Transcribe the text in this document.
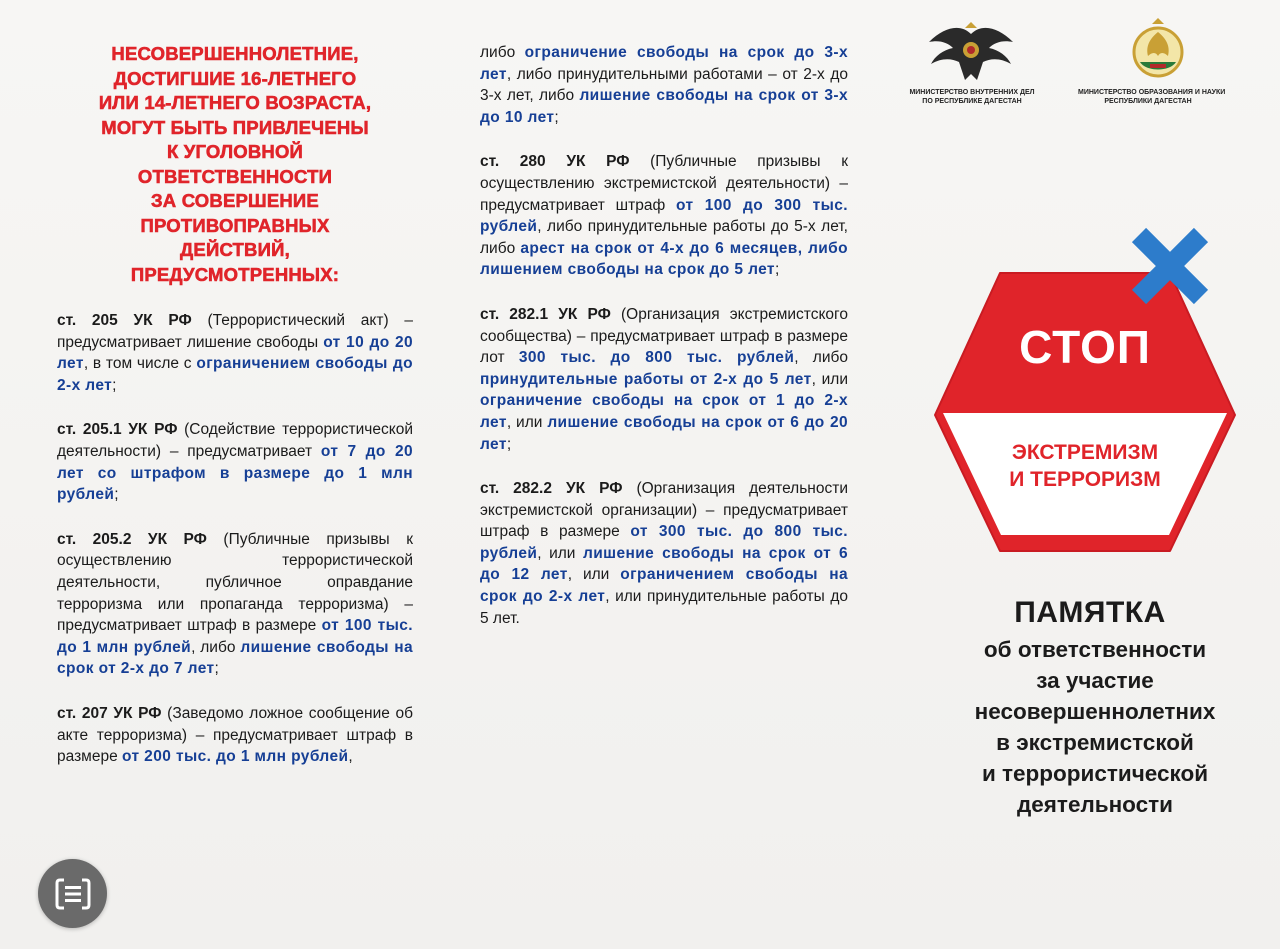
НЕСОВЕРШЕННОЛЕТНИЕ,
ДОСТИГШИЕ 16-ЛЕТНЕГО
ИЛИ 14-ЛЕТНЕГО ВОЗРАСТА,
МОГУТ БЫТЬ ПРИВЛЕЧЕНЫ
К УГОЛОВНОЙ
ОТВЕТСТВЕННОСТИ
ЗА СОВЕРШЕНИЕ
ПРОТИВОПРАВНЫХ
ДЕЙСТВИЙ,
ПРЕДУСМОТРЕННЫХ:

ст. 205 УК РФ (Террористический акт) – предусматривает лишение свободы от 10 до 20 лет, в том числе с ограничением свободы до 2-х лет;

ст. 205.1 УК РФ (Содействие террористической деятельности) – предусматривает от 7 до 20 лет со штрафом в размере до 1 млн рублей;

ст. 205.2 УК РФ (Публичные призывы к осуществлению террористической деятельности, публичное оправдание терроризма или пропаганда терроризма) – предусматривает штраф в размере от 100 тыс. до 1 млн рублей, либо лишение свободы на срок от 2-х до 7 лет;

ст. 207 УК РФ (Заведомо ложное сообщение об акте терроризма) – предусматривает штраф в размере от 200 тыс. до 1 млн рублей,

либо ограничение свободы на срок до 3-х лет, либо принудительными работами – от 2-х до 3-х лет, либо лишение свободы на срок от 3-х до 10 лет;

ст. 280 УК РФ (Публичные призывы к осуществлению экстремистской деятельности) – предусматривает штраф от 100 до 300 тыс. рублей, либо принудительные работы до 5-х лет, либо арест на срок от 4-х до 6 месяцев, либо лишением свободы на срок до 5 лет;

ст. 282.1 УК РФ (Организация экстремистского сообщества) – предусматривает штраф в размере лот 300 тыс. до 800 тыс. рублей, либо принудительные работы от 2-х до 5 лет, или ограничение свободы на срок от 1 до 2-х лет, или лишение свободы на срок от 6 до 20 лет;

ст. 282.2 УК РФ (Организация деятельности экстремистской организации) – предусматривает штраф в размере от 300 тыс. до 800 тыс. рублей, или лишение свободы на срок от 6 до 12 лет, или ограничением свободы на срок до 2-х лет, или принудительные работы до 5 лет.

МИНИСТЕРСТВО ВНУТРЕННИХ ДЕЛ
ПО РЕСПУБЛИКЕ ДАГЕСТАН
МИНИСТЕРСТВО ОБРАЗОВАНИЯ И НАУКИ
РЕСПУБЛИКИ ДАГЕСТАН
СТОП
ЭКСТРЕМИЗМ
И ТЕРРОРИЗМ
ПАМЯТКА
об ответственности
за участие
несовершеннолетних
в экстремистской
и террористической
деятельности
